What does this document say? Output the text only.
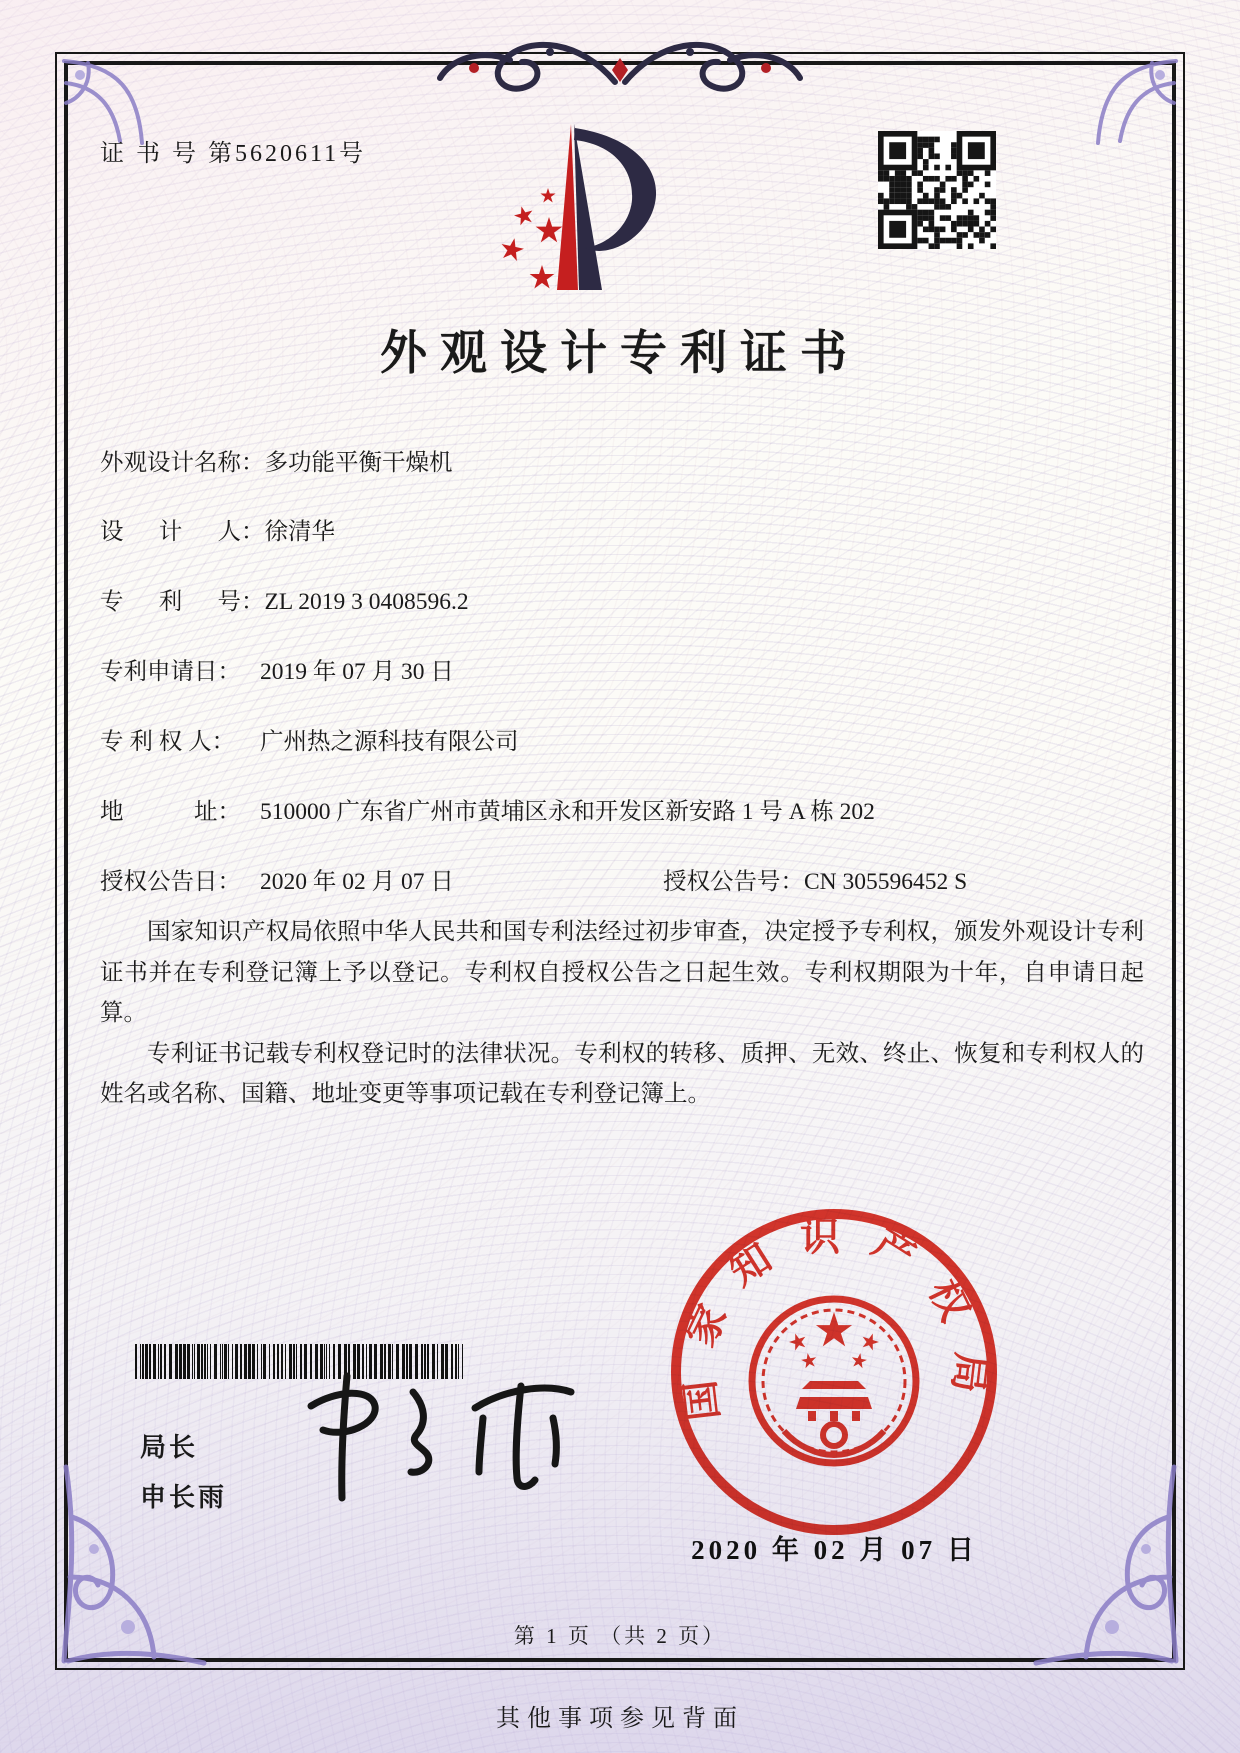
证 书 号 第5620611号
外观设计专利证书
外观设计名称：多功能平衡干燥机
设  计  人：徐清华
专  利  号：ZL 2019 3 0408596.2
专利申请日： 2019 年 07 月 30 日
专 利 权 人： 广州热之源科技有限公司
地   址： 510000 广东省广州市黄埔区永和开发区新安路 1 号 A 栋 202
授权公告日： 2020 年 02 月 07 日	授权公告号：CN 305596452 S

国家知识产权局依照中华人民共和国专利法经过初步审查，决定授予专利权，颁发外观设计专利证书并在专利登记簿上予以登记。专利权自授权公告之日起生效。专利权期限为十年，自申请日起算。

专利证书记载专利权登记时的法律状况。专利权的转移、质押、无效、终止、恢复和专利权人的姓名或名称、国籍、地址变更等事项记载在专利登记簿上。

局长
申长雨
国家知识产权局
2020 年 02 月 07 日
第 1 页 （共 2 页）
其他事项参见背面
